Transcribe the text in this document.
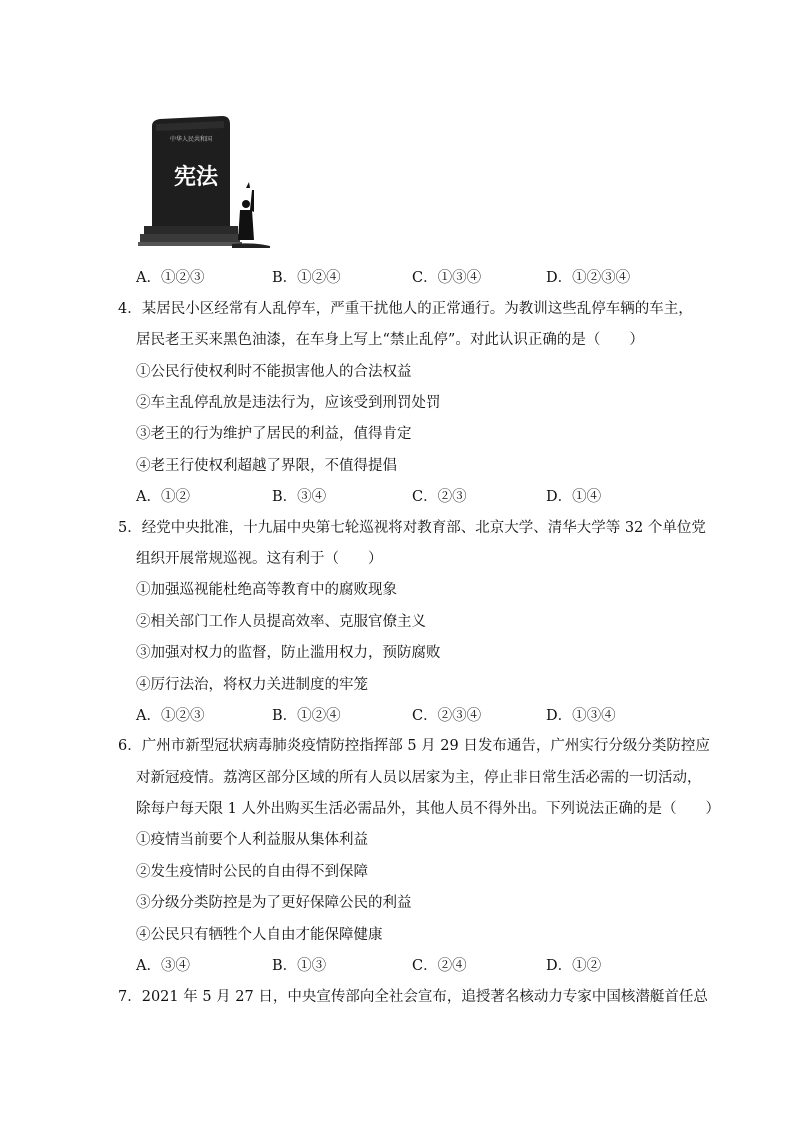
中华人民共和国
宪法
A．①②③	B．①②④	C．①③④	D．①②③④
4．某居民小区经常有人乱停车，严重干扰他人的正常通行。为教训这些乱停车辆的车主，
居民老王买来黑色油漆，在车身上写上“禁止乱停”。对此认识正确的是（　　）
①公民行使权利时不能损害他人的合法权益
②车主乱停乱放是违法行为，应该受到刑罚处罚
③老王的行为维护了居民的利益，值得肯定
④老王行使权利超越了界限，不值得提倡
A．①②	B．③④	C．②③	D．①④
5．经党中央批准，十九届中央第七轮巡视将对教育部、北京大学、清华大学等 32 个单位党
组织开展常规巡视。这有利于（　　）
①加强巡视能杜绝高等教育中的腐败现象
②相关部门工作人员提高效率、克服官僚主义
③加强对权力的监督，防止滥用权力，预防腐败
④厉行法治，将权力关进制度的牢笼
A．①②③	B．①②④	C．②③④	D．①③④
6．广州市新型冠状病毒肺炎疫情防控指挥部 5 月 29 日发布通告，广州实行分级分类防控应
对新冠疫情。荔湾区部分区域的所有人员以居家为主，停止非日常生活必需的一切活动，
除每户每天限 1 人外出购买生活必需品外，其他人员不得外出。下列说法正确的是（　　）
①疫情当前要个人利益服从集体利益
②发生疫情时公民的自由得不到保障
③分级分类防控是为了更好保障公民的利益
④公民只有牺牲个人自由才能保障健康
A．③④	B．①③	C．②④	D．①②
7．2021 年 5 月 27 日，中央宣传部向全社会宣布，追授著名核动力专家中国核潜艇首任总
